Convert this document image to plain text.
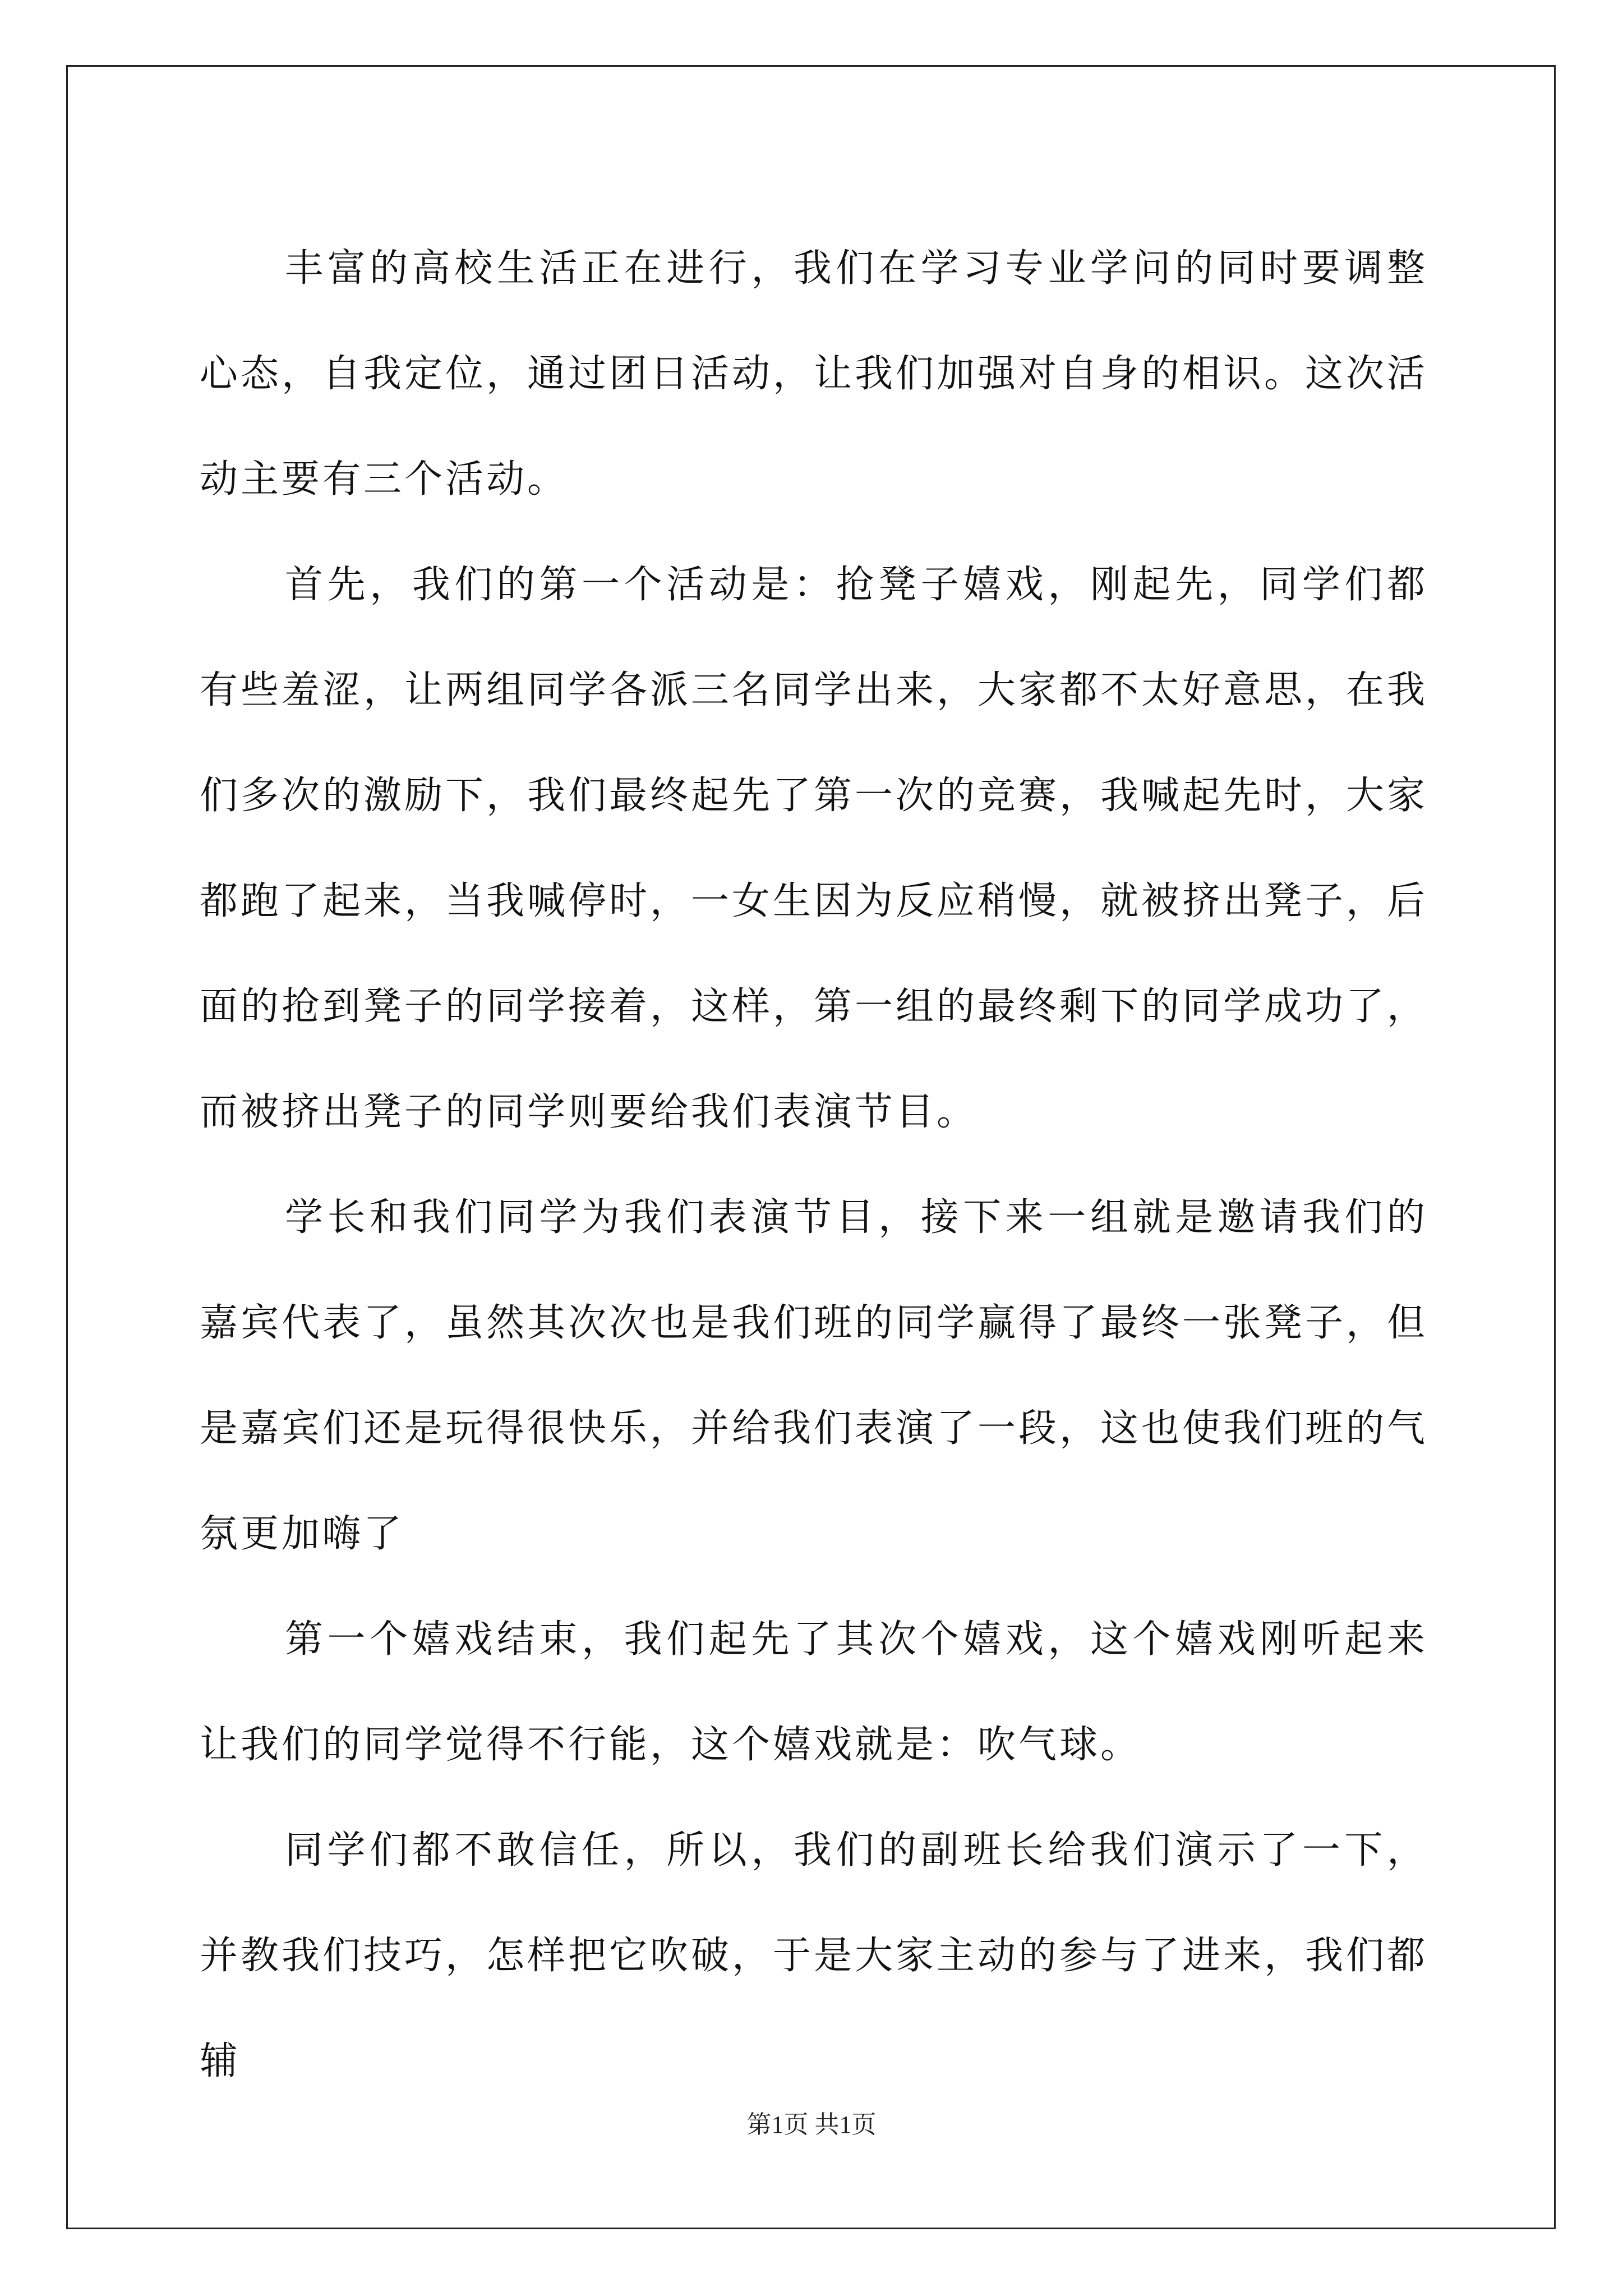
丰富的高校生活正在进行，我们在学习专业学问的同时要调整心态，自我定位，通过团日活动，让我们加强对自身的相识。这次活动主要有三个活动。

首先，我们的第一个活动是：抢凳子嬉戏，刚起先，同学们都有些羞涩，让两组同学各派三名同学出来，大家都不太好意思，在我们多次的激励下，我们最终起先了第一次的竞赛，我喊起先时，大家都跑了起来，当我喊停时，一女生因为反应稍慢，就被挤出凳子，后面的抢到凳子的同学接着，这样，第一组的最终剩下的同学成功了，而被挤出凳子的同学则要给我们表演节目。

学长和我们同学为我们表演节目，接下来一组就是邀请我们的嘉宾代表了，虽然其次次也是我们班的同学赢得了最终一张凳子，但是嘉宾们还是玩得很快乐，并给我们表演了一段，这也使我们班的气氛更加嗨了

第一个嬉戏结束，我们起先了其次个嬉戏，这个嬉戏刚听起来让我们的同学觉得不行能，这个嬉戏就是：吹气球。

同学们都不敢信任，所以，我们的副班长给我们演示了一下，并教我们技巧，怎样把它吹破，于是大家主动的参与了进来，我们都辅

第1页 共1页
